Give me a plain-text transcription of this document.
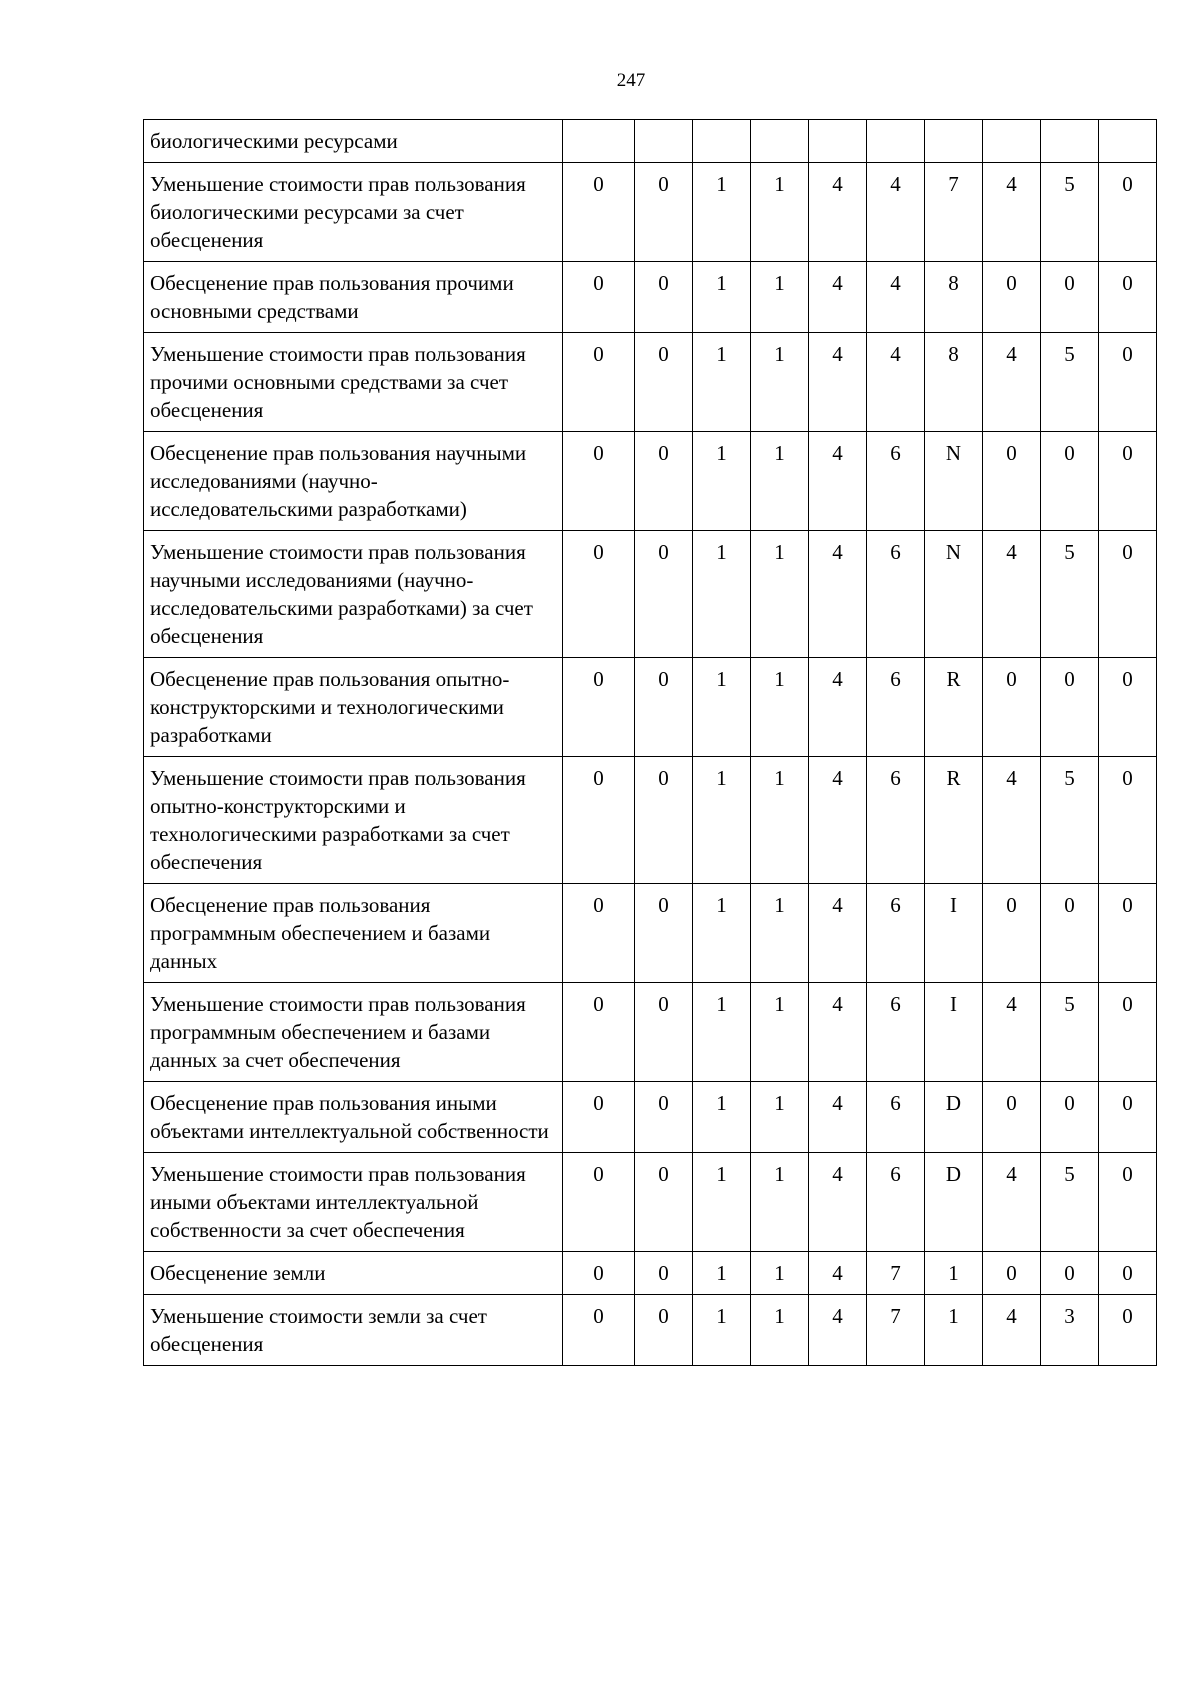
247
биологическими ресурсами										
Уменьшение стоимости прав пользования биологическими ресурсами за счет обесценения	0	0	1	1	4	4	7	4	5	0
Обесценение прав пользования прочими основными средствами	0	0	1	1	4	4	8	0	0	0
Уменьшение стоимости прав пользования прочими основными средствами за счет обесценения	0	0	1	1	4	4	8	4	5	0
Обесценение прав пользования научными исследованиями (научно-исследовательскими разработками)	0	0	1	1	4	6	N	0	0	0
Уменьшение стоимости прав пользования научными исследованиями (научно-исследовательскими разработками) за счет обесценения	0	0	1	1	4	6	N	4	5	0
Обесценение прав пользования опытно-конструкторскими и технологическими разработками	0	0	1	1	4	6	R	0	0	0
Уменьшение стоимости прав пользования опытно-конструкторскими и технологическими разработками за счет обеспечения	0	0	1	1	4	6	R	4	5	0
Обесценение прав пользования программным обеспечением и базами данных	0	0	1	1	4	6	I	0	0	0
Уменьшение стоимости прав пользования программным обеспечением и базами данных за счет обеспечения	0	0	1	1	4	6	I	4	5	0
Обесценение прав пользования иными объектами интеллектуальной собственности	0	0	1	1	4	6	D	0	0	0
Уменьшение стоимости прав пользования иными объектами интеллектуальной собственности за счет обеспечения	0	0	1	1	4	6	D	4	5	0
Обесценение земли	0	0	1	1	4	7	1	0	0	0
Уменьшение стоимости земли за счет обесценения	0	0	1	1	4	7	1	4	3	0
